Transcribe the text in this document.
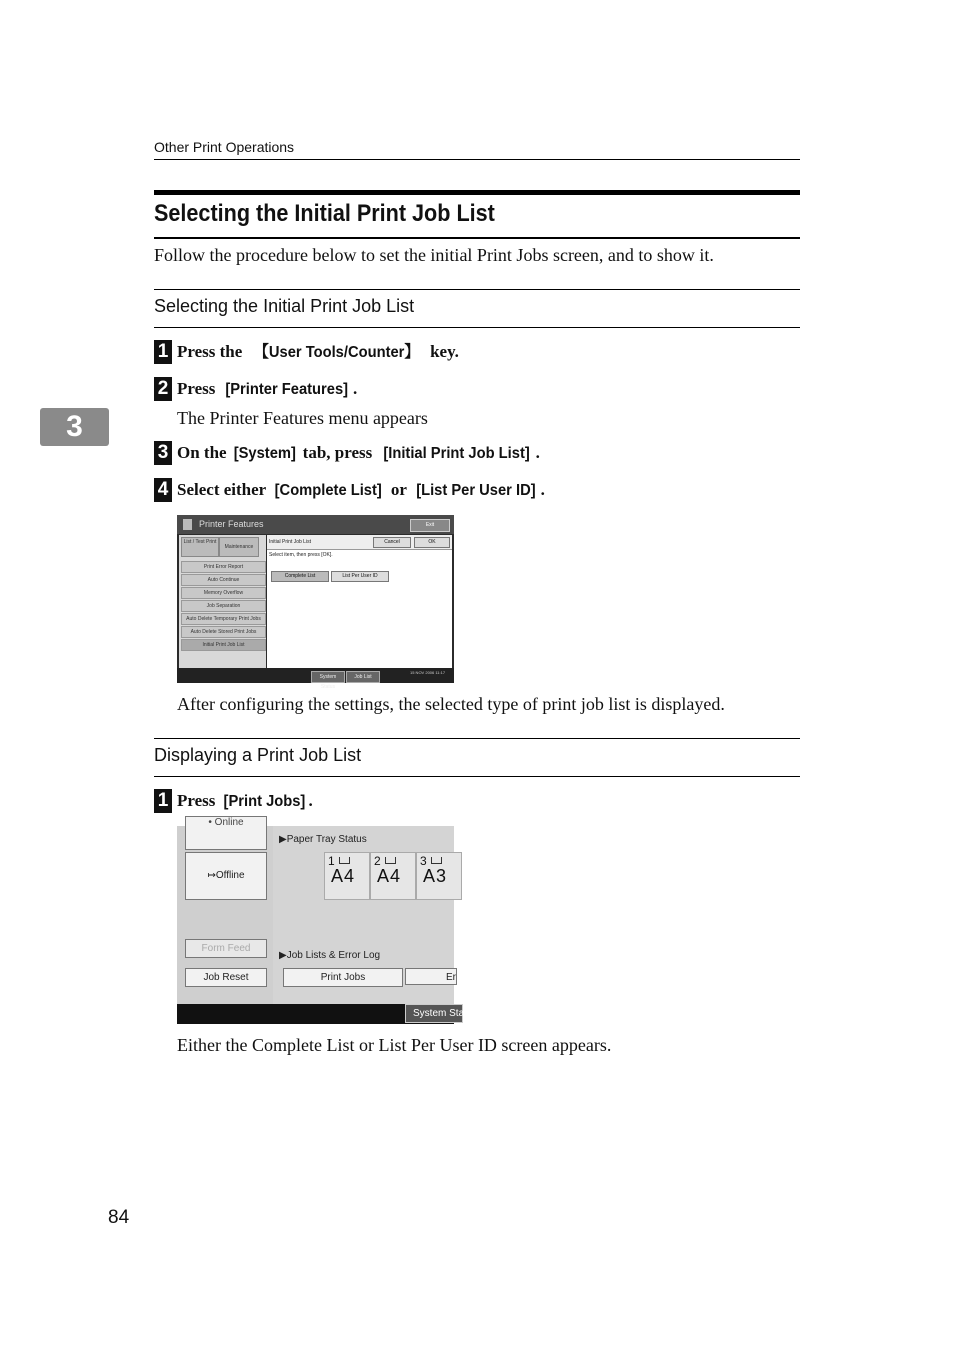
Other Print Operations
3
Selecting the Initial Print Job List
Follow the procedure below to set the initial Print Jobs screen, and to show it.
Selecting the Initial Print Job List
1 Press the 【User Tools/Counter】 key.
2 Press [Printer Features] .
The Printer Features menu appears
3 On the [System] tab, press [Initial Print Job List] .
4 Select either [Complete List] or [List Per User ID] .
Printer Features	Exit
List / Test Print
Maintenance
Print Error Report
Auto Continue
Memory Overflow
Job Separation
Auto Delete Temporary Print Jobs
Auto Delete Stored Print Jobs
Initial Print Job List
Initial Print Job List	Cancel	OK
Select item, then press [OK].
Complete List	List Per User ID
System Status
Job List
15 NOV 2006 11:17
After configuring the settings, the selected type of print job list is displayed.
Displaying a Print Job List
1 Press [Print Jobs] .
• Online
↦Offline
Form Feed
Job Reset
▶Paper Tray Status
1
A4
2
A4
3
A3
▶Job Lists & Error Log
Print Jobs	Er
System Statu
Either the Complete List or List Per User ID screen appears.
84
